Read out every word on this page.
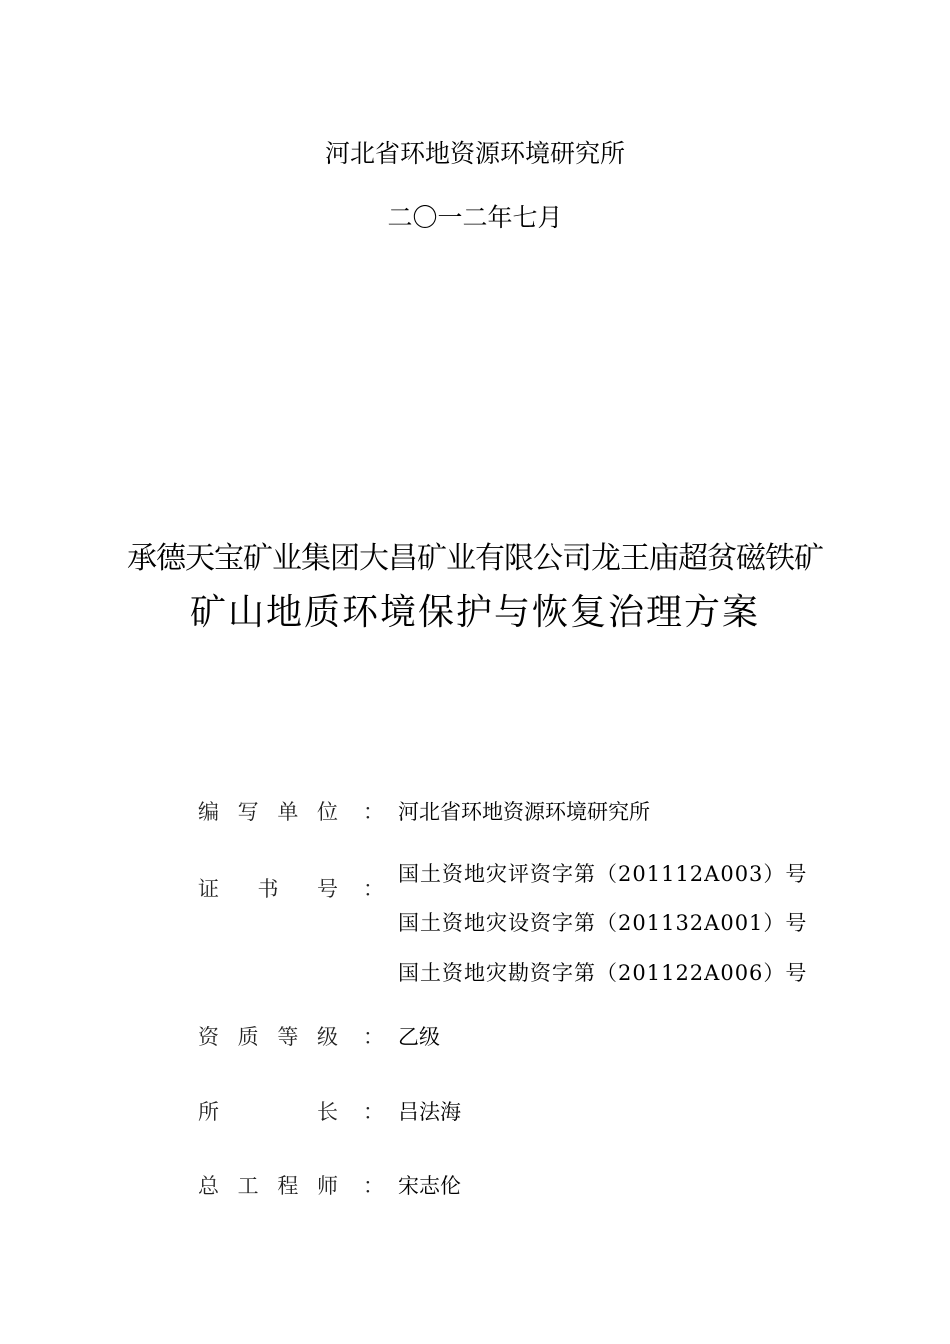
河北省环地资源环境研究所
二〇一二年七月
承德天宝矿业集团大昌矿业有限公司龙王庙超贫磁铁矿
矿山地质环境保护与恢复治理方案
编 写 单 位 ： 河北省环地资源环境研究所
证 书 号 ：
国土资地灾评资字第（201112A003）号
国土资地灾设资字第（201132A001）号
国土资地灾勘资字第（201122A006）号
资 质 等 级 ： 乙级
所	长 ： 吕法海
总 工 程 师 ： 宋志伦
